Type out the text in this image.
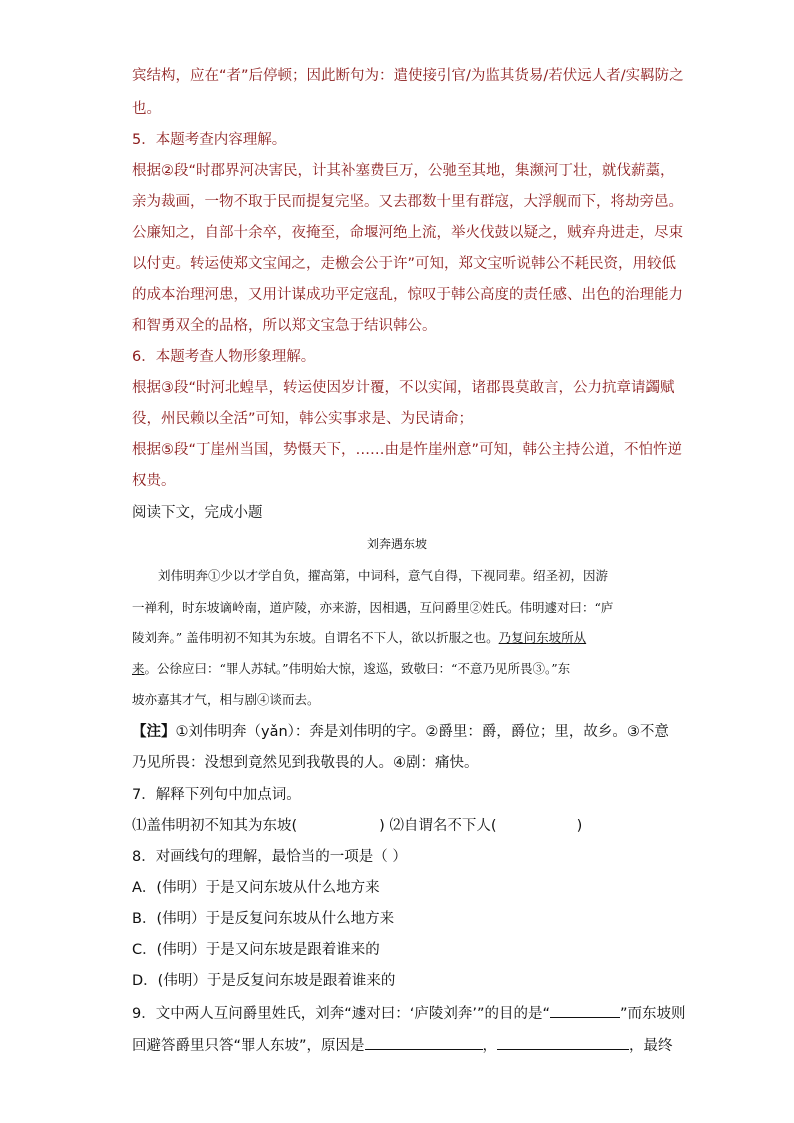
宾结构，应在“者”后停顿；因此断句为：遣使接引官/为监其货易/若伏远人者/实羁防之
也。
5．本题考查内容理解。
根据②段“时郡界河决害民，计其补塞费巨万，公驰至其地，集濒河丁壮，就伐薪藁，
亲为裁画，一物不取于民而提复完坚。又去郡数十里有群寇，大浮舰而下，将劫旁邑。
公廉知之，自部十余卒，夜掩至，命堰河绝上流，举火伐鼓以疑之，贼弃舟进走，尽束
以付吏。转运使郑文宝闻之，走檄会公于许”可知，郑文宝听说韩公不耗民资，用较低
的成本治理河患，又用计谋成功平定寇乱，惊叹于韩公高度的责任感、出色的治理能力
和智勇双全的品格，所以郑文宝急于结识韩公。
6．本题考查人物形象理解。
根据③段“时河北蝗旱，转运使因岁计覆，不以实闻，诸郡畏莫敢言，公力抗章请蠲赋
役，州民赖以全活”可知，韩公实事求是、为民请命；
根据⑤段“丁崖州当国，势慑天下，……由是忤崖州意”可知，韩公主持公道，不怕忤逆
权贵。
阅读下文，完成小题
刘奔遇东坡
刘伟明奔①少以才学自负，擢高第，中词科，意气自得，下视同辈。绍圣初，因游
一禅利，时东坡谪岭南，道庐陵，亦来游，因相遇，互问爵里②姓氏。伟明遽对曰：“庐
陵刘奔。” 盖伟明初不知其为东坡。自谓名不下人，欲以折服之也。乃复问东坡所从
来。公徐应曰：“罪人苏轼。”伟明始大惊，逡巡，致敬曰：“不意乃见所畏③。”东
坡亦嘉其才气，相与剧④谈而去。
【注】①刘伟明奔（yǎn）：奔是刘伟明的字。②爵里：爵，爵位；里，故乡。③不意
乃见所畏：没想到竟然见到我敬畏的人。④剧：痛快。
7．解释下列句中加点词。
⑴盖伟明初不知其为东坡(	) ⑵自谓名不下人(	)
8．对画线句的理解，最恰当的一项是（ ）
A．(伟明）于是又问东坡从什么地方来
B．(伟明）于是反复问东坡从什么地方来
C．(伟明）于是又问东坡是跟着谁来的
D．(伟明）于是反复问东坡是跟着谁来的
9．文中两人互问爵里姓氏，刘奔“遽对曰：‘庐陵刘奔’”的目的是“	”而东坡则
回避答爵里只答“罪人东坡”，原因是	，	，最终
